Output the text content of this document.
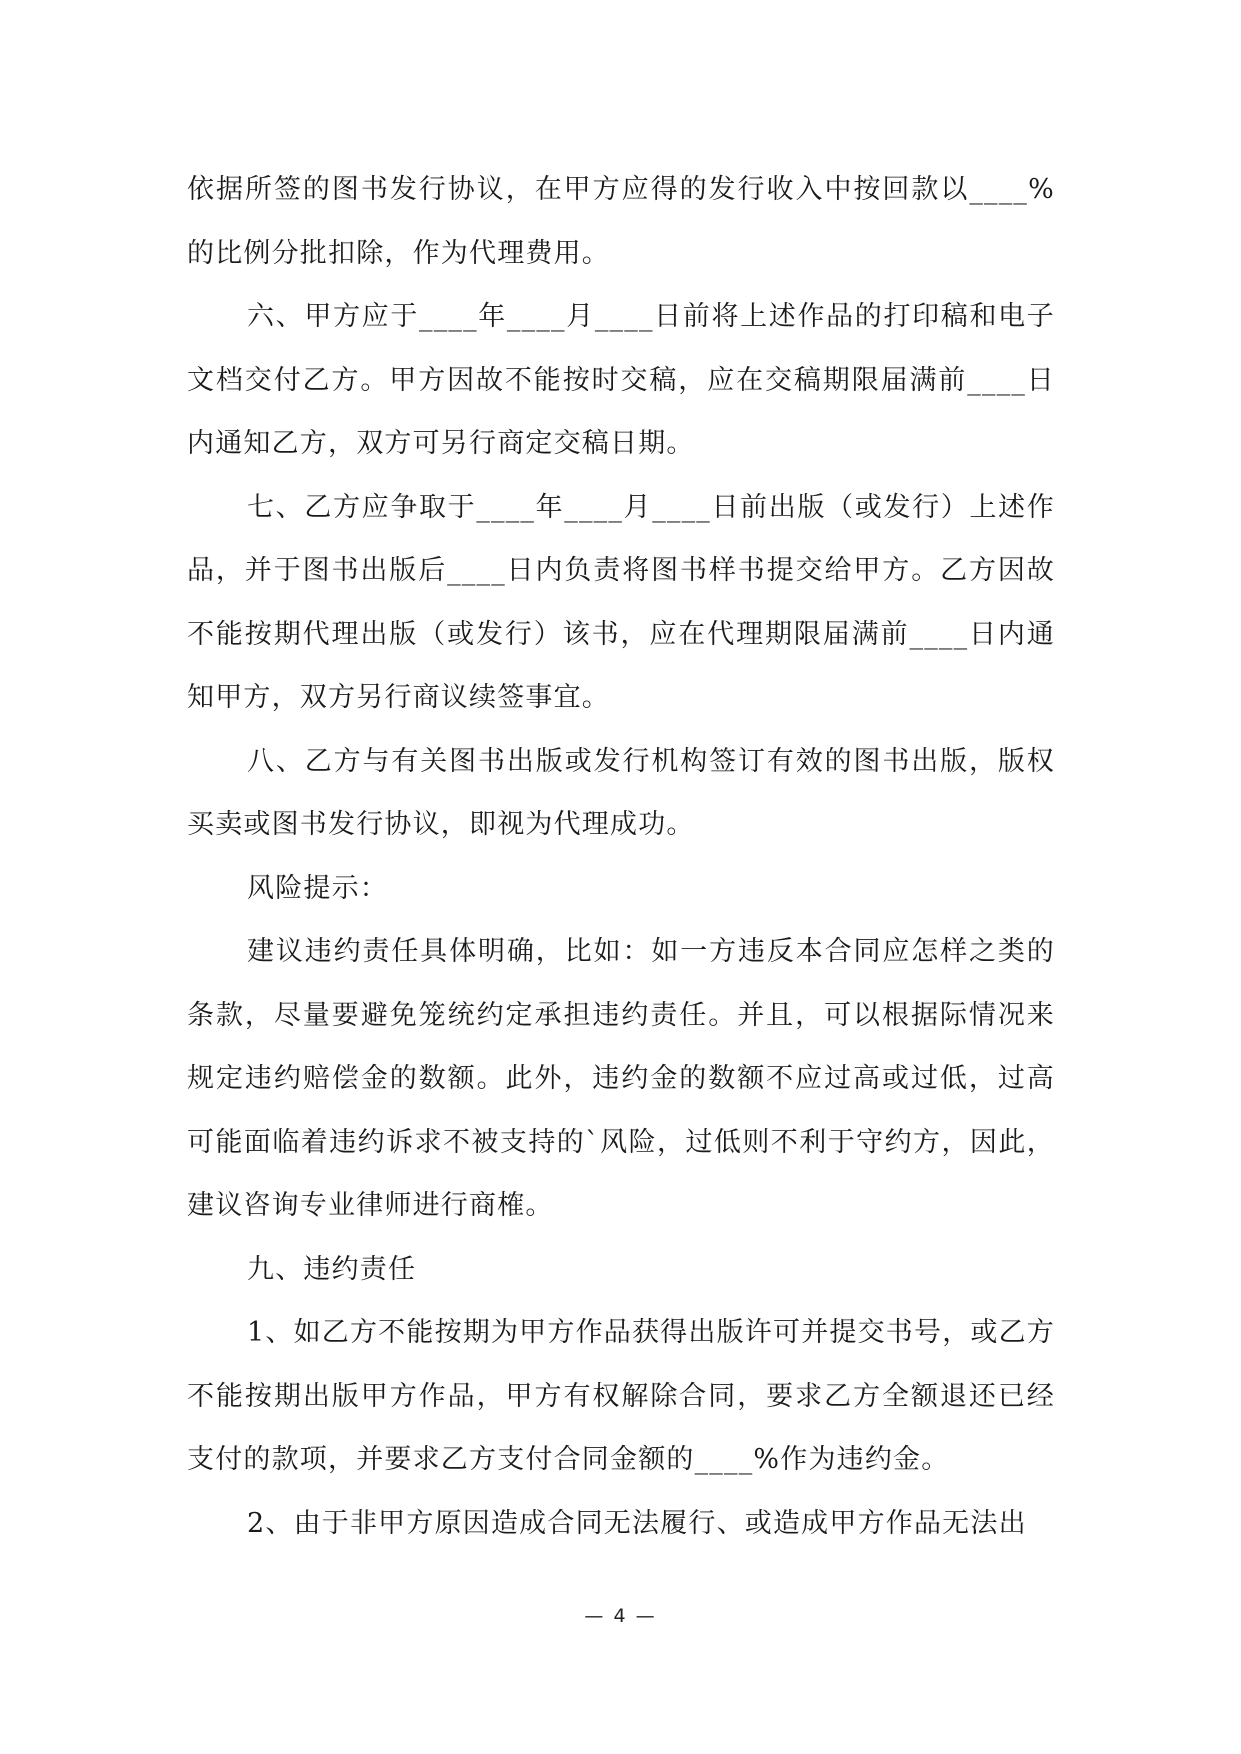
依据所签的图书发行协议，在甲方应得的发行收入中按回款以____%的比例分批扣除，作为代理费用。

六、甲方应于____年____月____日前将上述作品的打印稿和电子文档交付乙方。甲方因故不能按时交稿，应在交稿期限届满前____日内通知乙方，双方可另行商定交稿日期。

七、乙方应争取于____年____月____日前出版（或发行）上述作品，并于图书出版后____日内负责将图书样书提交给甲方。乙方因故不能按期代理出版（或发行）该书，应在代理期限届满前____日内通知甲方，双方另行商议续签事宜。

八、乙方与有关图书出版或发行机构签订有效的图书出版，版权买卖或图书发行协议，即视为代理成功。

风险提示：

建议违约责任具体明确，比如：如一方违反本合同应怎样之类的条款，尽量要避免笼统约定承担违约责任。并且，可以根据际情况来规定违约赔偿金的数额。此外，违约金的数额不应过高或过低，过高可能面临着违约诉求不被支持的`风险，过低则不利于守约方，因此，建议咨询专业律师进行商榷。

九、违约责任

1、如乙方不能按期为甲方作品获得出版许可并提交书号，或乙方不能按期出版甲方作品，甲方有权解除合同，要求乙方全额退还已经支付的款项，并要求乙方支付合同金额的____%作为违约金。

2、由于非甲方原因造成合同无法履行、或造成甲方作品无法出

— 4 —
